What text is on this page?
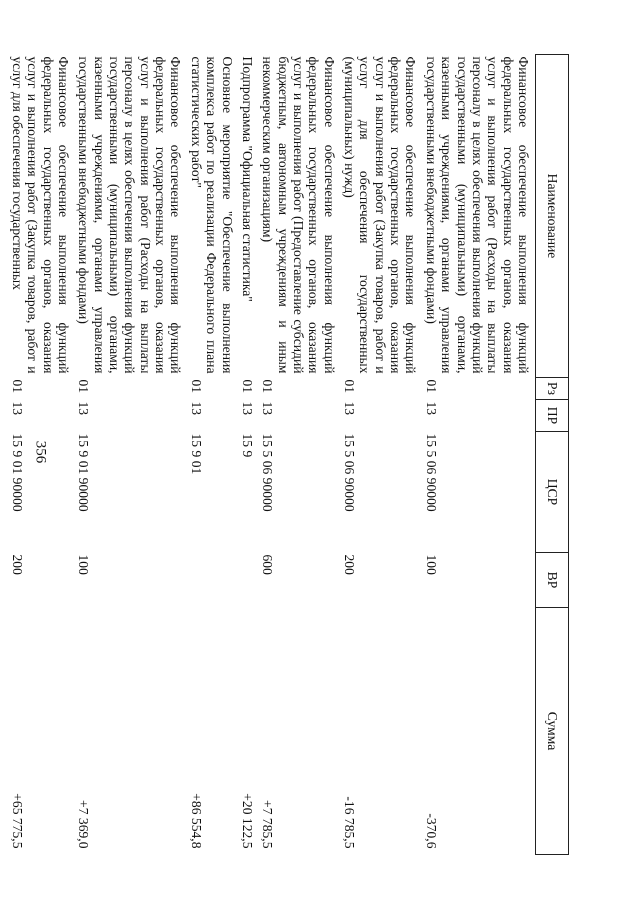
356
Наименование	Рз	ПР	ЦСР	ВР	Сумма
Финансовое обеспечение выполнения функций федеральных государственных органов, оказания услуг и выполнения работ (Расходы на выплаты персоналу в целях обеспечения выполнения функций государственными (муниципальными) органами, казенными учреждениями, органами управления государственными внебюджетными фондами)	01	13	15 5 06 90000	100	-370,6
Финансовое обеспечение выполнения функций федеральных государственных органов, оказания услуг и выполнения работ (Закупка товаров, работ и услуг для обеспечения государственных (муниципальных) нужд)	01	13	15 5 06 90000	200	-16 785,5
Финансовое обеспечение выполнения функций федеральных государственных органов, оказания услуг и выполнения работ (Предоставление субсидий бюджетным, автономным учреждениям и иным некоммерческим организациям)	01	13	15 5 06 90000	600	+7 785,5
Подпрограмма "Официальная статистика"	01	13	15 9		+20 122,5
Основное мероприятие "Обеспечение выполнения комплекса работ по реализации Федерального плана статистических работ"	01	13	15 9 01		+86 554,8
Финансовое обеспечение выполнения функций федеральных государственных органов, оказания услуг и выполнения работ (Расходы на выплаты персоналу в целях обеспечения выполнения функций государственными (муниципальными) органами, казенными учреждениями, органами управления государственными внебюджетными фондами)	01	13	15 9 01 90000	100	+7 369,0
Финансовое обеспечение выполнения функций федеральных государственных органов, оказания услуг и выполнения работ (Закупка товаров, работ и услуг для обеспечения государственных	01	13	15 9 01 90000	200	+65 775,5
